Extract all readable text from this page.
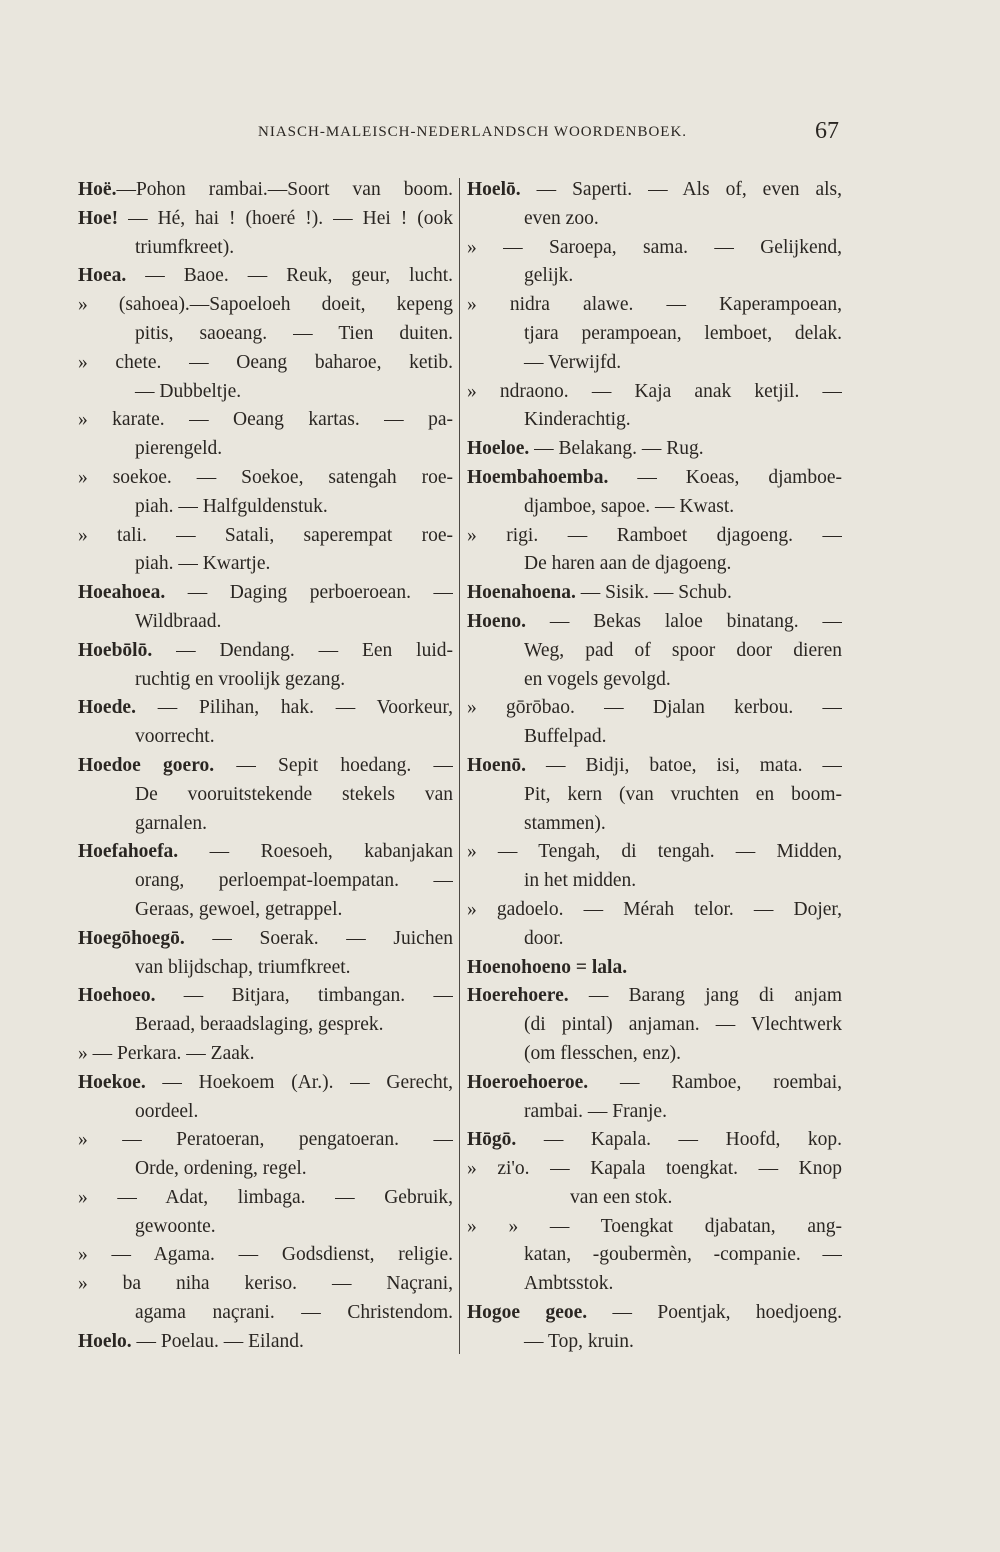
NIASCH-MALEISCH-NEDERLANDSCH WOORDENBOEK.	67
Hoë.—Pohon rambai.—Soort van boom.
Hoe! — Hé, hai ! (hoeré !). — Hei ! (ook
triumfkreet).
Hoea. — Baoe. — Reuk, geur, lucht.
» (sahoea).—Sapoeloeh doeit, kepeng
pitis, saoeang. — Tien duiten.
» chete. — Oeang baharoe, ketib.
— Dubbeltje.
» karate. — Oeang kartas. — pa-
pierengeld.
» soekoe. — Soekoe, satengah roe-
piah. — Halfguldenstuk.
» tali. — Satali, saperempat roe-
piah. — Kwartje.
Hoeahoea. — Daging perboeroean. —
Wildbraad.
Hoebōlō. — Dendang. — Een luid-
ruchtig en vroolijk gezang.
Hoede. — Pilihan, hak. — Voorkeur,
voorrecht.
Hoedoe goero. — Sepit hoedang. —
De vooruitstekende stekels van
garnalen.
Hoefahoefa. — Roesoeh, kabanjakan
orang, perloempat-loempatan. —
Geraas, gewoel, getrappel.
Hoegōhoegō. — Soerak. — Juichen
van blijdschap, triumfkreet.
Hoehoeo. — Bitjara, timbangan. —
Beraad, beraadslaging, gesprek.
» — Perkara. — Zaak.
Hoekoe. — Hoekoem (Ar.). — Gerecht,
oordeel.
» — Peratoeran, pengatoeran. —
Orde, ordening, regel.
» — Adat, limbaga. — Gebruik,
gewoonte.
» — Agama. — Godsdienst, religie.
» ba niha keriso. — Naçrani,
agama naçrani. — Christendom.
Hoelo. — Poelau. — Eiland.
Hoelō. — Saperti. — Als of, even als,
even zoo.
» — Saroepa, sama. — Gelijkend,
gelijk.
» nidra alawe. — Kaperampoean,
tjara perampoean, lemboet, delak.
— Verwijfd.
» ndraono. — Kaja anak ketjil. —
Kinderachtig.
Hoeloe. — Belakang. — Rug.
Hoembahoemba. — Koeas, djamboe-
djamboe, sapoe. — Kwast.
» rigi. — Ramboet djagoeng. —
De haren aan de djagoeng.
Hoenahoena. — Sisik. — Schub.
Hoeno. — Bekas laloe binatang. —
Weg, pad of spoor door dieren
en vogels gevolgd.
» gōrōbao. — Djalan kerbou. —
Buffelpad.
Hoenō. — Bidji, batoe, isi, mata. —
Pit, kern (van vruchten en boom-
stammen).
» — Tengah, di tengah. — Midden,
in het midden.
» gadoelo. — Mérah telor. — Dojer,
door.
Hoenohoeno = lala.
Hoerehoere. — Barang jang di anjam
(di pintal) anjaman. — Vlechtwerk
(om flesschen, enz).
Hoeroehoeroe. — Ramboe, roembai,
rambai. — Franje.
Hōgō. — Kapala. — Hoofd, kop.
» zi'o. — Kapala toengkat. — Knop
van een stok.
» » — Toengkat djabatan, ang-
katan, -goubermèn, -companie. —
Ambtsstok.
Hogoe geoe. — Poentjak, hoedjoeng.
— Top, kruin.
